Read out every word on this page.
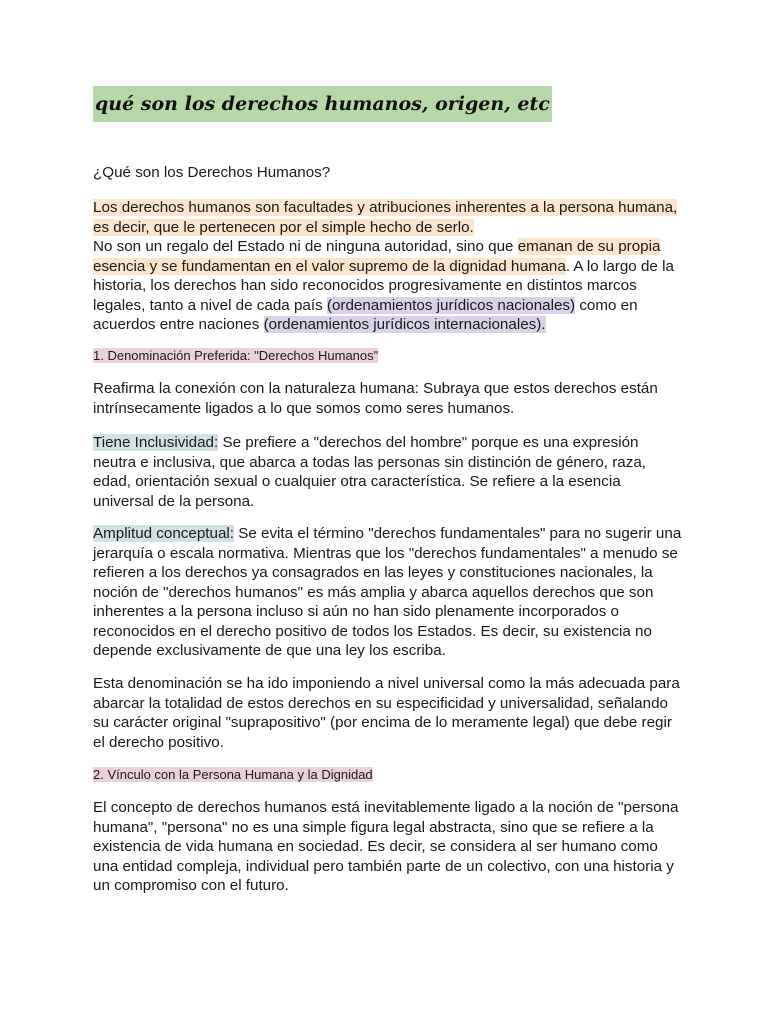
qué son los derechos humanos, origen, etc

¿Qué son los Derechos Humanos?

Los derechos humanos son facultades y atribuciones inherentes a la persona humana, es decir, que le pertenecen por el simple hecho de serlo.
No son un regalo del Estado ni de ninguna autoridad, sino que emanan de su propia esencia y se fundamentan en el valor supremo de la dignidad humana. A lo largo de la historia, los derechos han sido reconocidos progresivamente en distintos marcos legales, tanto a nivel de cada país (ordenamientos jurídicos nacionales) como en acuerdos entre naciones (ordenamientos jurídicos internacionales).

1. Denominación Preferida: "Derechos Humanos"

Reafirma la conexión con la naturaleza humana: Subraya que estos derechos están intrínsecamente ligados a lo que somos como seres humanos.

Tiene Inclusividad: Se prefiere a "derechos del hombre" porque es una expresión neutra e inclusiva, que abarca a todas las personas sin distinción de género, raza, edad, orientación sexual o cualquier otra característica. Se refiere a la esencia universal de la persona.

Amplitud conceptual: Se evita el término "derechos fundamentales" para no sugerir una jerarquía o escala normativa. Mientras que los "derechos fundamentales" a menudo se refieren a los derechos ya consagrados en las leyes y constituciones nacionales, la noción de "derechos humanos" es más amplia y abarca aquellos derechos que son inherentes a la persona incluso si aún no han sido plenamente incorporados o reconocidos en el derecho positivo de todos los Estados. Es decir, su existencia no depende exclusivamente de que una ley los escriba.

Esta denominación se ha ido imponiendo a nivel universal como la más adecuada para abarcar la totalidad de estos derechos en su especificidad y universalidad, señalando su carácter original "suprapositivo" (por encima de lo meramente legal) que debe regir el derecho positivo.

2. Vínculo con la Persona Humana y la Dignidad

El concepto de derechos humanos está inevitablemente ligado a la noción de "persona humana", "persona" no es una simple figura legal abstracta, sino que se refiere a la existencia de vida humana en sociedad. Es decir, se considera al ser humano como una entidad compleja, individual pero también parte de un colectivo, con una historia y un compromiso con el futuro.
